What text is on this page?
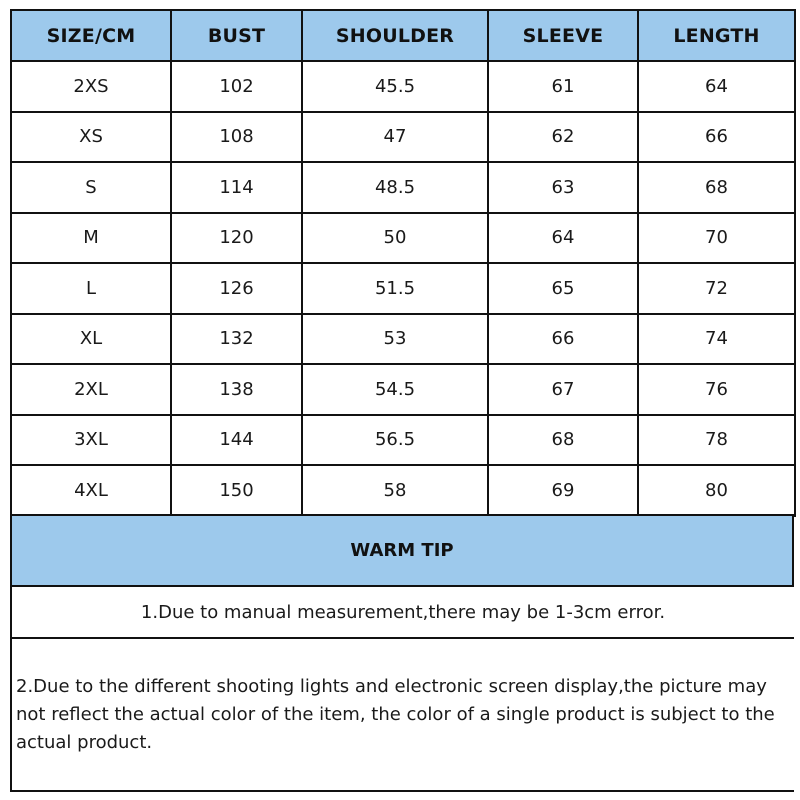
SIZE/CM	BUST	SHOULDER	SLEEVE	LENGTH
2XS	102	45.5	61	64
XS	108	47	62	66
S	114	48.5	63	68
M	120	50	64	70
L	126	51.5	65	72
XL	132	53	66	74
2XL	138	54.5	67	76
3XL	144	56.5	68	78
4XL	150	58	69	80
WARM TIP
1.Due to manual measurement,there may be 1-3cm error.
2.Due to the different shooting lights and electronic screen display,the picture may not reflect the actual color of the item, the color of a single product is subject to the actual product.
